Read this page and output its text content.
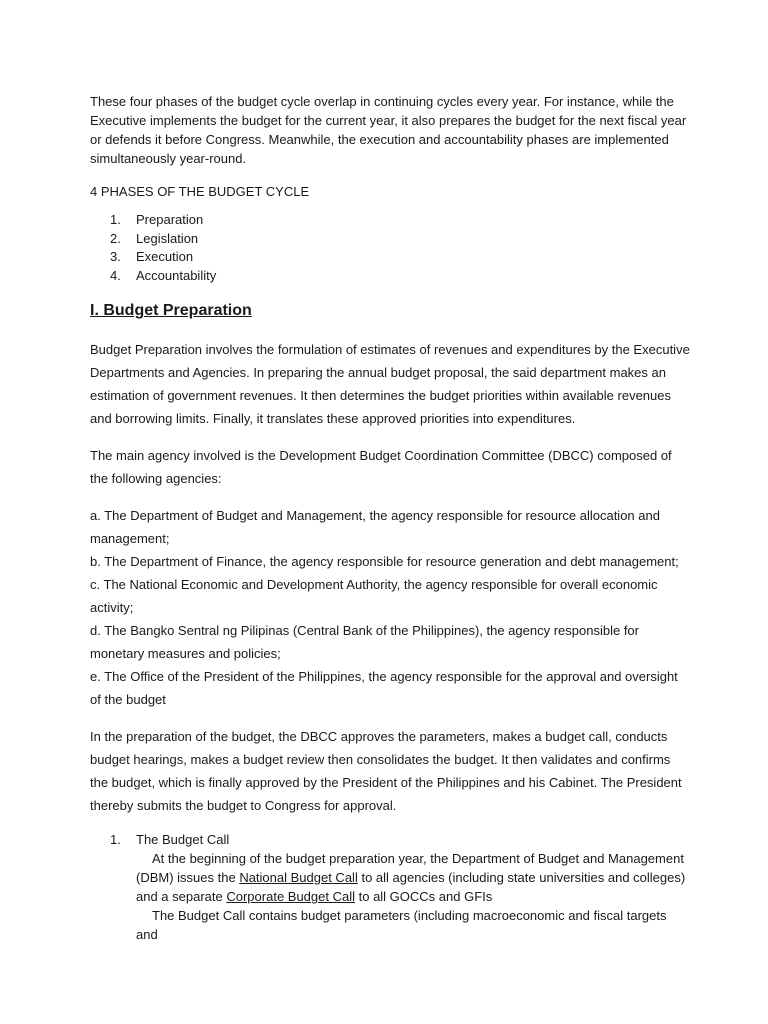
These four phases of the budget cycle overlap in continuing cycles every year. For instance, while the Executive implements the budget for the current year, it also prepares the budget for the next fiscal year or defends it before Congress. Meanwhile, the execution and accountability phases are implemented simultaneously year-round.

4 PHASES OF THE BUDGET CYCLE

1.	Preparation
2.	Legislation
3.	Execution
4.	Accountability
I. Budget Preparation

Budget Preparation involves the formulation of estimates of revenues and expenditures by the Executive Departments and Agencies. In preparing the annual budget proposal, the said department makes an estimation of government revenues. It then determines the budget priorities within available revenues and borrowing limits. Finally, it translates these approved priorities into expenditures.

The main agency involved is the Development Budget Coordination Committee (DBCC) composed of the following agencies:

a. The Department of Budget and Management, the agency responsible for resource allocation and management;

b. The Department of Finance, the agency responsible for resource generation and debt management;

c. The National Economic and Development Authority, the agency responsible for overall economic activity;

d. The Bangko Sentral ng Pilipinas (Central Bank of the Philippines), the agency responsible for monetary measures and policies;

e. The Office of the President of the Philippines, the agency responsible for the approval and oversight of the budget

In the preparation of the budget, the DBCC approves the parameters, makes a budget call, conducts budget hearings, makes a budget review then consolidates the budget. It then validates and confirms the budget, which is finally approved by the President of the Philippines and his Cabinet. The President thereby submits the budget to Congress for approval.

1.	The Budget Call

At the beginning of the budget preparation year, the Department of Budget and Management (DBM) issues the National Budget Call to all agencies (including state universities and colleges) and a separate Corporate Budget Call to all GOCCs and GFIs

The Budget Call contains budget parameters (including macroeconomic and fiscal targets and
